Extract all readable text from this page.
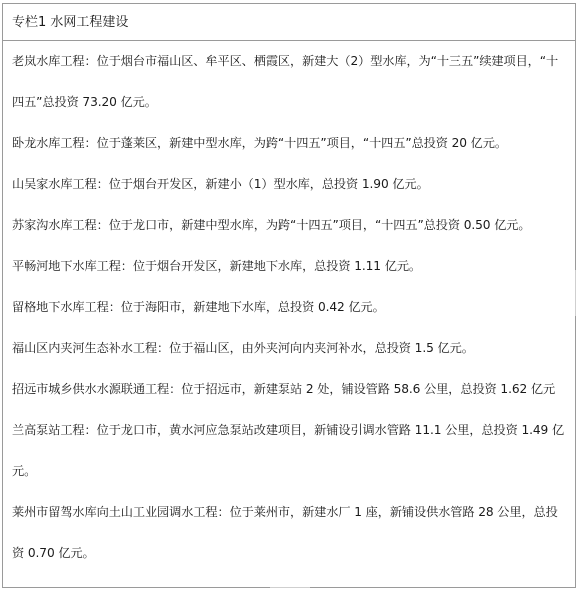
专栏1 水网工程建设

老岚水库工程：位于烟台市福山区、牟平区、栖霞区，新建大（2）型水库，为“十三五”续建项目，“十四五”总投资 73.20 亿元。

卧龙水库工程：位于蓬莱区，新建中型水库，为跨“十四五”项目，“十四五”总投资 20 亿元。

山吴家水库工程：位于烟台开发区，新建小（1）型水库，总投资 1.90 亿元。

苏家沟水库工程：位于龙口市，新建中型水库，为跨“十四五”项目，“十四五”总投资 0.50 亿元。

平畅河地下水库工程：位于烟台开发区，新建地下水库，总投资 1.11 亿元。

留格地下水库工程：位于海阳市，新建地下水库，总投资 0.42 亿元。

福山区内夹河生态补水工程：位于福山区，由外夹河向内夹河补水，总投资 1.5 亿元。

招远市城乡供水水源联通工程：位于招远市，新建泵站 2 处，铺设管路 58.6 公里，总投资 1.62 亿元

兰高泵站工程：位于龙口市，黄水河应急泵站改建项目，新铺设引调水管路 11.1 公里，总投资 1.49 亿元。

莱州市留驾水库向土山工业园调水工程：位于莱州市，新建水厂 1 座，新铺设供水管路 28 公里，总投资 0.70 亿元。
